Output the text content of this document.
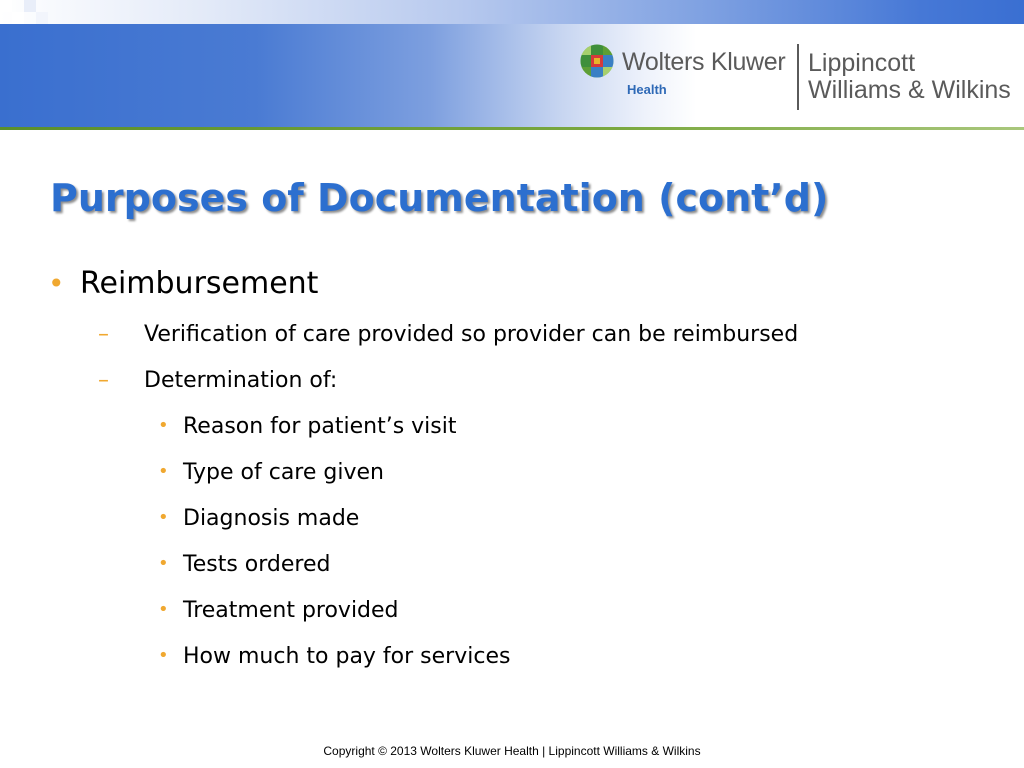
Wolters Kluwer
Health
Lippincott
Williams & Wilkins
Purposes of Documentation (cont’d)
• Reimbursement
– Verification of care provided so provider can be reimbursed
– Determination of:
• Reason for patient’s visit
• Type of care given
• Diagnosis made
• Tests ordered
• Treatment provided
• How much to pay for services
Copyright © 2013 Wolters Kluwer Health | Lippincott Williams & Wilkins
